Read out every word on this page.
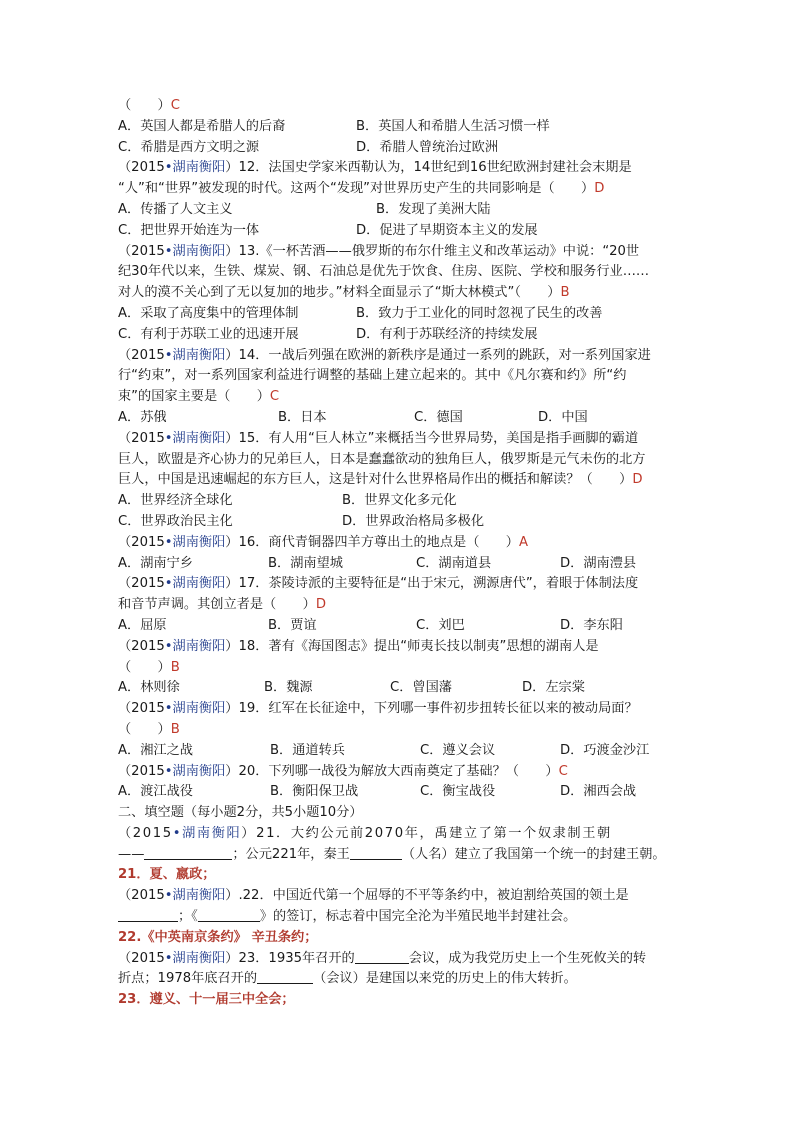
（　　）C
A．英国人都是希腊人的后裔	B．英国人和希腊人生活习惯一样
C．希腊是西方文明之源	D．希腊人曾统治过欧洲
（2015•湖南衡阳）12．法国史学家米西勒认为，14世纪到16世纪欧洲封建社会末期是
“人”和“世界”被发现的时代。这两个“发现”对世界历史产生的共同影响是（　　）D
A．传播了人文主义	B．发现了美洲大陆
C．把世界开始连为一体	D．促进了早期资本主义的发展
（2015•湖南衡阳）13.《一杯苦酒——俄罗斯的布尔什维主义和改革运动》中说：“20世
纪30年代以来，生铁、煤炭、钢、石油总是优先于饮食、住房、医院、学校和服务行业……
对人的漠不关心到了无以复加的地步。”材料全面显示了“斯大林模式”（　　）B
A．采取了高度集中的管理体制	B．致力于工业化的同时忽视了民生的改善
C．有利于苏联工业的迅速开展	D．有利于苏联经济的持续发展
（2015•湖南衡阳）14．一战后列强在欧洲的新秩序是通过一系列的跳跃，对一系列国家进
行“约束”，对一系列国家利益进行调整的基础上建立起来的。其中《凡尔赛和约》所“约
束”的国家主要是（　　）C
A．苏俄	B．日本	C．德国	D．中国
（2015•湖南衡阳）15．有人用“巨人林立”来概括当今世界局势，美国是指手画脚的霸道
巨人，欧盟是齐心协力的兄弟巨人，日本是蠢蠢欲动的独角巨人，俄罗斯是元气未伤的北方
巨人，中国是迅速崛起的东方巨人，这是针对什么世界格局作出的概括和解读？（　　）D
A．世界经济全球化	B．世界文化多元化
C．世界政治民主化	D．世界政治格局多极化
（2015•湖南衡阳）16．商代青铜器四羊方尊出土的地点是（　　）A
A．湖南宁乡	B．湖南望城	C．湖南道县	D．湖南澧县
（2015•湖南衡阳）17．茶陵诗派的主要特征是“出于宋元，溯源唐代”，着眼于体制法度
和音节声调。其创立者是（　　）D
A．屈原	B．贾谊	C．刘巴	D．李东阳
（2015•湖南衡阳）18．著有《海国图志》提出“师夷长技以制夷”思想的湖南人是
（　　）B
A．林则徐	B．魏源	C．曾国藩	D．左宗棠
（2015•湖南衡阳）19．红军在长征途中，下列哪一事件初步扭转长征以来的被动局面？
（　　）B
A．湘江之战	B．通道转兵	C．遵义会议	D．巧渡金沙江
（2015•湖南衡阳）20．下列哪一战役为解放大西南奠定了基础？（　　）C
A．渡江战役	B．衡阳保卫战	C．衡宝战役	D．湘西会战
二、填空题（每小题2分，共5小题10分）
（2015•湖南衡阳）21．大约公元前2070年，禹建立了第一个奴隶制王朝
——	；公元221年，秦王	（人名）建立了我国第一个统一的封建王朝。
21．夏、嬴政；
（2015•湖南衡阳）.22．中国近代第一个屈辱的不平等条约中，被迫割给英国的领土是
；《	》的签订，标志着中国完全沦为半殖民地半封建社会。
22.《中英南京条约》 辛丑条约；
（2015•湖南衡阳）23．1935年召开的	会议，成为我党历史上一个生死攸关的转
折点；1978年底召开的	（会议）是建国以来党的历史上的伟大转折。
23．遵义、十一届三中全会；
